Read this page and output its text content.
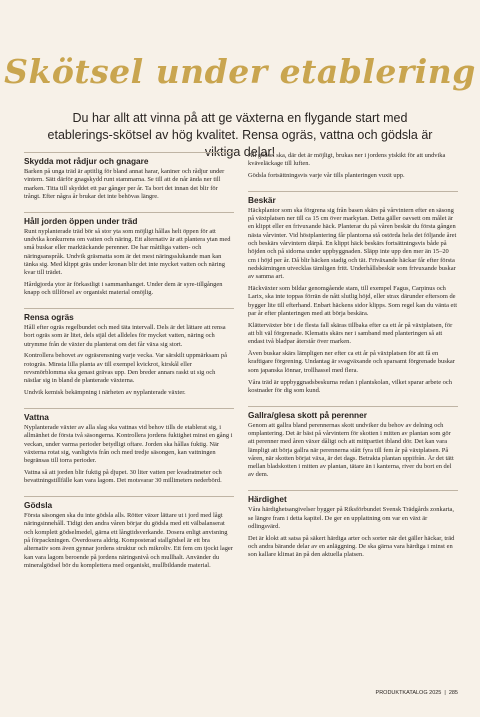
Skötsel under etablering
Du har allt att vinna på att ge växterna en flygande start med etablerings-skötsel av hög kvalitet. Rensa ogräs, vattna och gödsla är viktiga delar!
Skydda mot rådjur och gnagare

Barken på unga träd är aptitlig för bland annat harar, kaniner och rådjur under vintern. Sätt därför gnagskydd runt stammarna. Se till att de når ända ner till marken. Titta till skyddet ett par gånger per år. Ta bort det innan det blir för trångt. Efter några år brukar det inte behövas längre.

Håll jorden öppen under träd

Runt nyplanterade träd bör så stor yta som möjligt hållas helt öppen för att undvika konkurrens om vatten och näring. Ett alternativ är att plantera ytan med små buskar eller marktäckande perenner. De har måttliga vatten- och näringsanspråk. Undvik gräsmatta som är det mest näringsslukande man kan tänka sig. Med klippt gräs under kronan blir det inte mycket vatten och näring kvar till trädet.

Hårdgjorda ytor är förkastligt i sammanhanget. Under dem är syre-tillgången knapp och tillförsel av organiskt material omöjlig.

Rensa ogräs

Håll efter ogräs regelbundet och med täta intervall. Dels är det lättare att rensa bort ogräs som är litet, dels stjäl det alldeles för mycket vatten, näring och utrymme från de växter du planterat om det får växa sig stort.

Kontrollera behovet av ogräsrensning varje vecka. Var särskilt uppmärksam på rotogräs. Minsta lilla planta av till exempel kvickrot, kirskål eller revsmörblomma ska genast grävas upp. Den breder annars raskt ut sig och nästlar sig in bland de planterade växterna.

Undvik kemisk bekämpning i närheten av nyplanterade växter.

Vattna

Nyplanterade växter av alla slag ska vattnas vid behov tills de etablerat sig, i allmänhet de första två säsongerna. Kontrollera jordens fuktighet minst en gång i veckan, under varma perioder betydligt oftare. Jorden ska hållas fuktig. När växterna rotat sig, vanligtvis från och med tredje säsongen, kan vattningen begränsas till torra perioder.

Vattna så att jorden blir fuktig på djupet. 30 liter vatten per kvadratmeter och bevattningstillfälle kan vara lagom. Det motsvarar 30 millimeters nederbörd.

Gödsla

Första säsongen ska du inte gödsla alls. Rötter växer lättare ut i jord med lågt näringsinnehåll. Tidigt den andra våren börjar du gödsla med ett välbalanserat och komplett gödselmedel, gärna ett långtidsverkande. Dosera enligt anvisning på förpackningen. Överdosera aldrig. Komposterad stallgödsel är ett bra alternativ som även gynnar jordens struktur och mikroliv. Ett fem cm tjockt lager kan vara lagom beroende på jordens näringsnivå och mullhalt. Använder du mineralgödsel bör du komplettera med organiskt, mullbildande material.

All gödsel ska, där det är möjligt, brukas ner i jordens ytskikt för att undvika kväveläckage till luften.

Gödsla fortsättningsvis varje vår tills planteringen vuxit upp.

Beskär

Häckplantor som ska förgrena sig från basen skärs på vårvintern efter en säsong på växtplatsen ner till ca 15 cm över markytan. Detta gäller oavsett om målet är en klippt eller en frivuxande häck. Planterar du på våren beskär du första gången nästa vårvinter. Vid höstplantering får plantorna stå ostörda hela det följande året och beskärs vårvintern därpå. En klippt häck beskärs fortsättningsvis både på höjden och på sidorna under uppbyggnaden. Släpp inte upp den mer än 15–20 cm i höjd per år. Då blir häcken stadig och tät. Friväxande häckar får efter första nedskärningen utvecklas tämligen fritt. Underhållsbeskär som frivuxande buskar av samma art.

Häckväxter som bildar genomgående stam, till exempel Fagus, Carpinus och Larix, ska inte toppas förrän de nått slutlig höjd, eller strax därunder eftersom de bygger lite till efterhand. Enbart häckens sidor klipps. Som regel kan du vänta ett par år efter planteringen med att börja beskära.

Klätterväxter bör i de flesta fall skäras tillbaka efter ca ett år på växtplatsen, för att bli väl förgrenade. Klematis skärs ner i samband med planteringen så att endast två bladpar återstår över marken.

Även buskar skärs lämpligen ner efter ca ett år på växtplatsen för att få en kraftigare förgrening. Undantag är svagväxande och sparsamt förgrenade buskar som japanska lönnar, trollhassel med flera.

Våra träd är uppbyggnadsbeskurna redan i plantskolan, vilket sparar arbete och kostnader för dig som kund.

Gallra/glesa skott på perenner

Genom att gallra bland perennernas skott undviker du behov av delning och omplantering. Det är bäst på vårvintern för skotten i mitten av plantan som gör att perenner med åren växer dåligt och att mittpartiet ibland dör. Det kan vara lämpligt att börja gallra när perennerna stått fyra till fem år på växtplatsen. På våren, när skotten börjat växa, är det dags. Betrakta plantan uppifrån. Är det tätt mellan bladskotten i mitten av plantan, tätare än i kanterna, river du bort en del av dem.

Härdighet

Våra härdighetsangivelser bygger på Riksförbundet Svensk Trädgårds zonkarta, se längre fram i detta kapitel. De ger en upplattning om var en växt är odlingsvärd.

Det är klokt att satsa på säkert härdiga arter och sorter när det gäller häckar, träd och andra bärande delar av en anläggning. De ska gärna vara härdiga i minst en son kallare klimat än på den aktuella platsen.

PRODUKTKATALOG 2025 | 285
